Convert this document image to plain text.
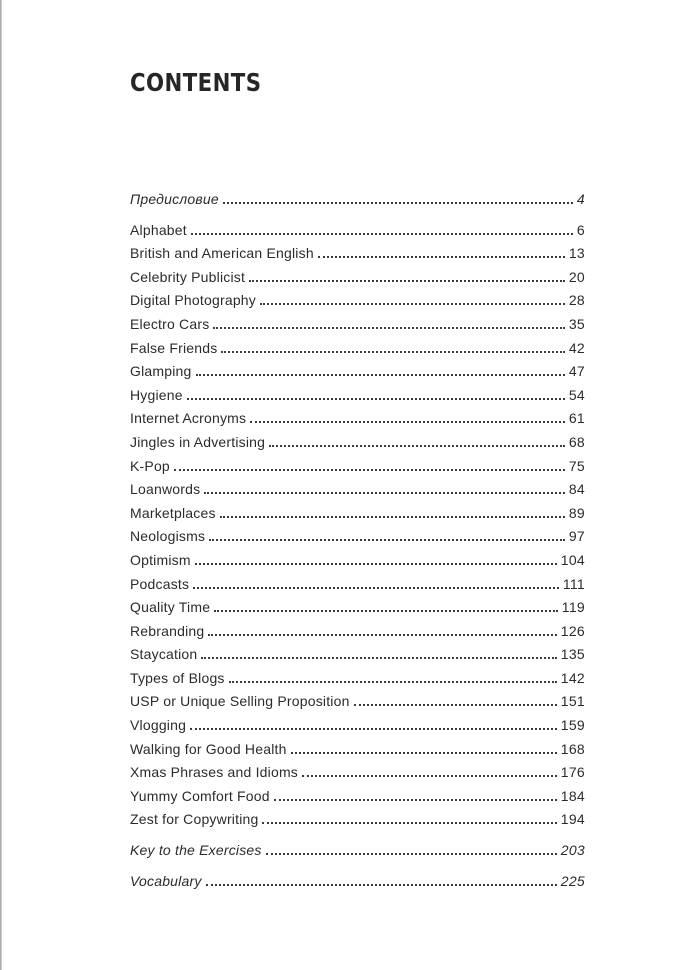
CONTENTS
Предисловие	4
Alphabet	6
British and American English	13
Celebrity Publicist	20
Digital Photography	28
Electro Cars	35
False Friends	42
Glamping	47
Hygiene	54
Internet Acronyms	61
Jingles in Advertising	68
K-Pop	75
Loanwords	84
Marketplaces	89
Neologisms	97
Optimism	104
Podcasts	111
Quality Time	119
Rebranding	126
Staycation	135
Types of Blogs	142
USP or Unique Selling Proposition	151
Vlogging	159
Walking for Good Health	168
Xmas Phrases and Idioms	176
Yummy Comfort Food	184
Zest for Copywriting	194
Key to the Exercises	203
Vocabulary	225
